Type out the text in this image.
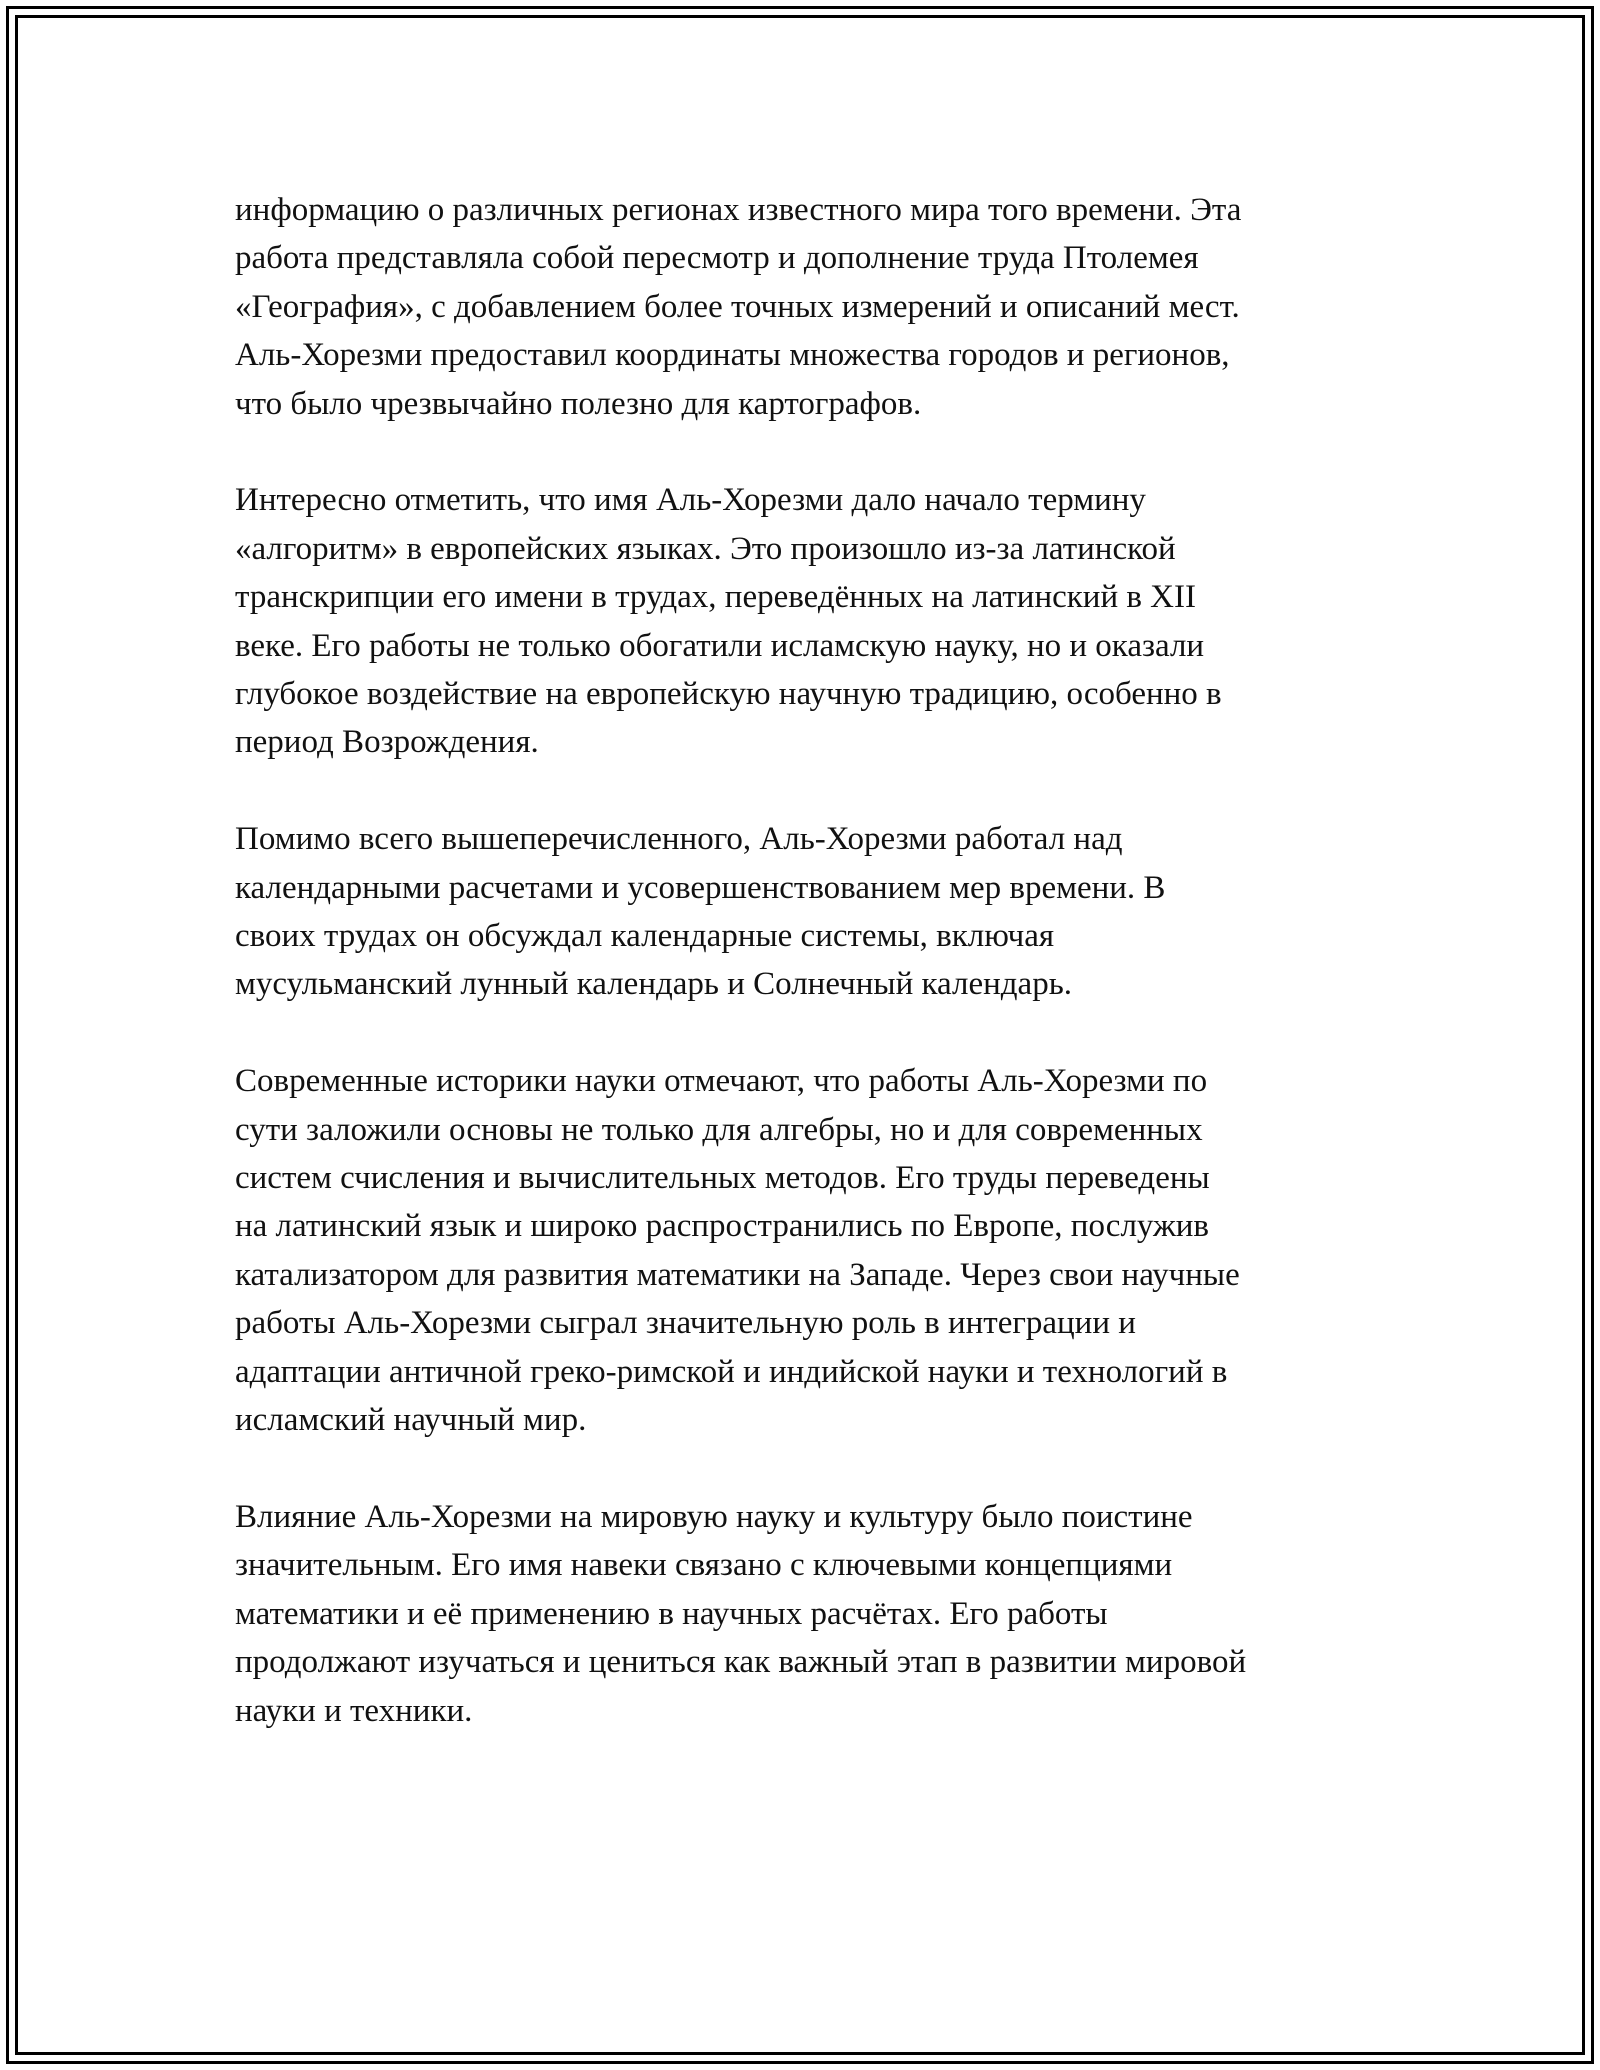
информацию о различных регионах известного мира того времени. Эта
работа представляла собой пересмотр и дополнение труда Птолемея
«География», с добавлением более точных измерений и описаний мест.
Аль-Хорезми предоставил координаты множества городов и регионов,
что было чрезвычайно полезно для картографов.

Интересно отметить, что имя Аль-Хорезми дало начало термину
«алгоритм» в европейских языках. Это произошло из-за латинской
транскрипции его имени в трудах, переведённых на латинский в XII
веке. Его работы не только обогатили исламскую науку, но и оказали
глубокое воздействие на европейскую научную традицию, особенно в
период Возрождения.

Помимо всего вышеперечисленного, Аль-Хорезми работал над
календарными расчетами и усовершенствованием мер времени. В
своих трудах он обсуждал календарные системы, включая
мусульманский лунный календарь и Солнечный календарь.

Современные историки науки отмечают, что работы Аль-Хорезми по
сути заложили основы не только для алгебры, но и для современных
систем счисления и вычислительных методов. Его труды переведены
на латинский язык и широко распространились по Европе, послужив
катализатором для развития математики на Западе. Через свои научные
работы Аль-Хорезми сыграл значительную роль в интеграции и
адаптации античной греко-римской и индийской науки и технологий в
исламский научный мир.

Влияние Аль-Хорезми на мировую науку и культуру было поистине
значительным. Его имя навеки связано с ключевыми концепциями
математики и её применению в научных расчётах. Его работы
продолжают изучаться и цениться как важный этап в развитии мировой
науки и техники.
